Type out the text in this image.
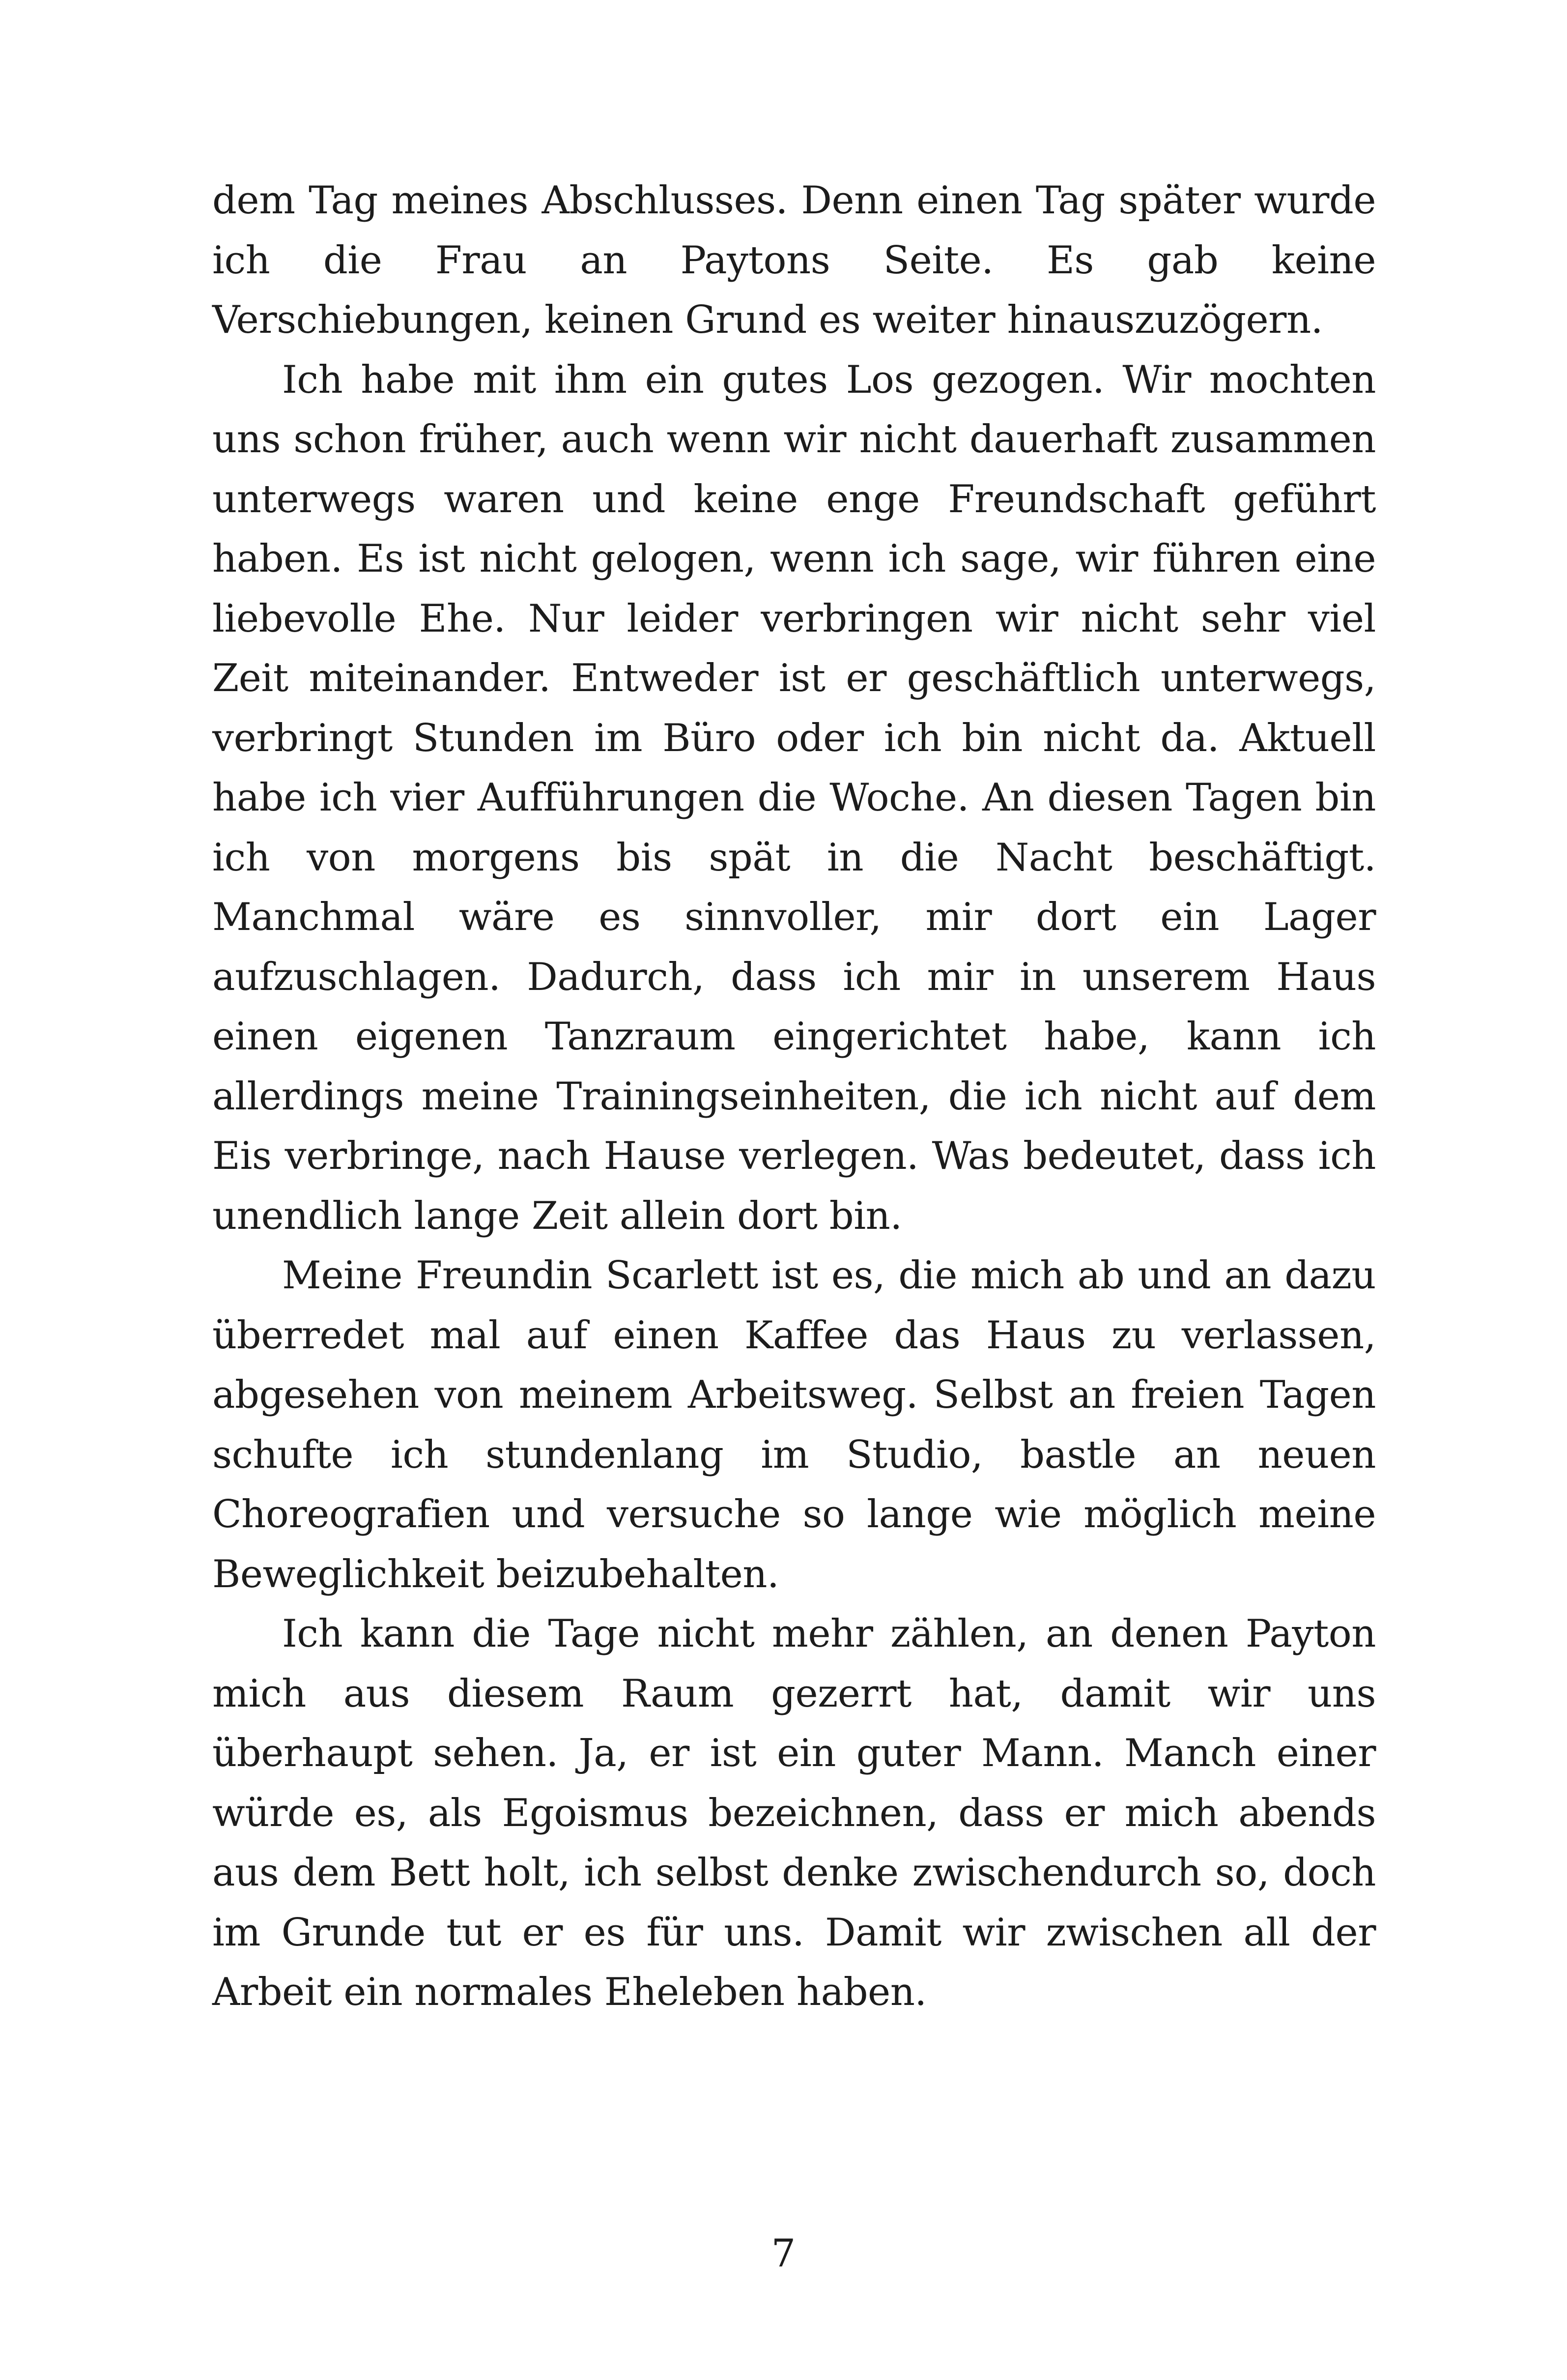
dem Tag meines Abschlusses. Denn einen Tag später wurde ich die Frau an Paytons Seite. Es gab keine Verschiebungen, keinen Grund es weiter hinauszuzögern.

Ich habe mit ihm ein gutes Los gezogen. Wir mochten uns schon früher, auch wenn wir nicht dauerhaft zusammen unterwegs waren und keine enge Freundschaft geführt haben. Es ist nicht gelogen, wenn ich sage, wir führen eine liebevolle Ehe. Nur leider verbringen wir nicht sehr viel Zeit miteinander. Entweder ist er geschäftlich unterwegs, verbringt Stunden im Büro oder ich bin nicht da. Aktuell habe ich vier Aufführungen die Woche. An diesen Tagen bin ich von morgens bis spät in die Nacht beschäftigt. Manchmal wäre es sinnvoller, mir dort ein Lager aufzuschlagen. Dadurch, dass ich mir in unserem Haus einen eigenen Tanzraum eingerichtet habe, kann ich allerdings meine Trainingseinheiten, die ich nicht auf dem Eis verbringe, nach Hause verlegen. Was bedeutet, dass ich unendlich lange Zeit allein dort bin.

Meine Freundin Scarlett ist es, die mich ab und an dazu überredet mal auf einen Kaffee das Haus zu verlassen, abgesehen von meinem Arbeitsweg. Selbst an freien Tagen schufte ich stundenlang im Studio, bastle an neuen Choreografien und versuche so lange wie möglich meine Beweglichkeit beizubehalten.

Ich kann die Tage nicht mehr zählen, an denen Payton mich aus diesem Raum gezerrt hat, damit wir uns überhaupt sehen. Ja, er ist ein guter Mann. Manch einer würde es, als Egoismus bezeichnen, dass er mich abends aus dem Bett holt, ich selbst denke zwischendurch so, doch im Grunde tut er es für uns. Damit wir zwischen all der Arbeit ein normales Eheleben haben.

7
